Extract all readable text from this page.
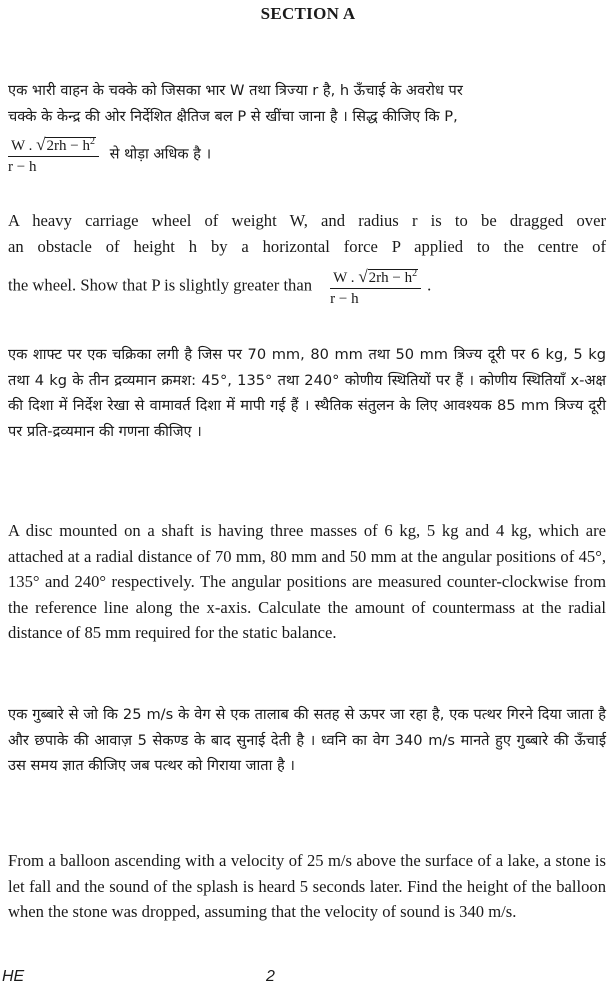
SECTION A
एक भारी वाहन के चक्के को जिसका भार W तथा त्रिज्या r है, h ऊँचाई के अवरोध पर
चक्के के केन्द्र की ओर निर्देशित क्षैतिज बल P से खींचा जाना है । सिद्ध कीजिए कि P,
$\frac{W . √2rh - h^2}{r - h}$ से थोड़ा अधिक है ।
A heavy carriage wheel of weight W, and radius r is to be dragged over
an obstacle of height h by a horizontal force P applied to the centre of
the wheel. Show that P is slightly greater than $\frac{W . √2rh - h^2}{r - h}$ .
एक शाफ्ट पर एक चक्रिका लगी है जिस पर 70 mm, 80 mm तथा 50 mm त्रिज्य दूरी पर 6 kg, 5 kg तथा 4 kg के तीन द्रव्यमान क्रमश: 45°, 135° तथा 240° कोणीय स्थितियों पर हैं । कोणीय स्थितियाँ x-अक्ष की दिशा में निर्देश रेखा से वामावर्त दिशा में मापी गई हैं । स्थैतिक संतुलन के लिए आवश्यक 85 mm त्रिज्य दूरी पर प्रति-द्रव्यमान की गणना कीजिए ।
A disc mounted on a shaft is having three masses of 6 kg, 5 kg and 4 kg, which are attached at a radial distance of 70 mm, 80 mm and 50 mm at the angular positions of 45°, 135° and 240° respectively. The angular positions are measured counter-clockwise from the reference line along the x-axis. Calculate the amount of countermass at the radial distance of 85 mm required for the static balance.
एक गुब्बारे से जो कि 25 m/s के वेग से एक तालाब की सतह से ऊपर जा रहा है, एक पत्थर गिरने दिया जाता है और छपाके की आवाज़ 5 सेकण्ड के बाद सुनाई देती है । ध्वनि का वेग 340 m/s मानते हुए गुब्बारे की ऊँचाई उस समय ज्ञात कीजिए जब पत्थर को गिराया जाता है ।
From a balloon ascending with a velocity of 25 m/s above the surface of a lake, a stone is let fall and the sound of the splash is heard 5 seconds later. Find the height of the balloon when the stone was dropped, assuming that the velocity of sound is 340 m/s.
HE	2
